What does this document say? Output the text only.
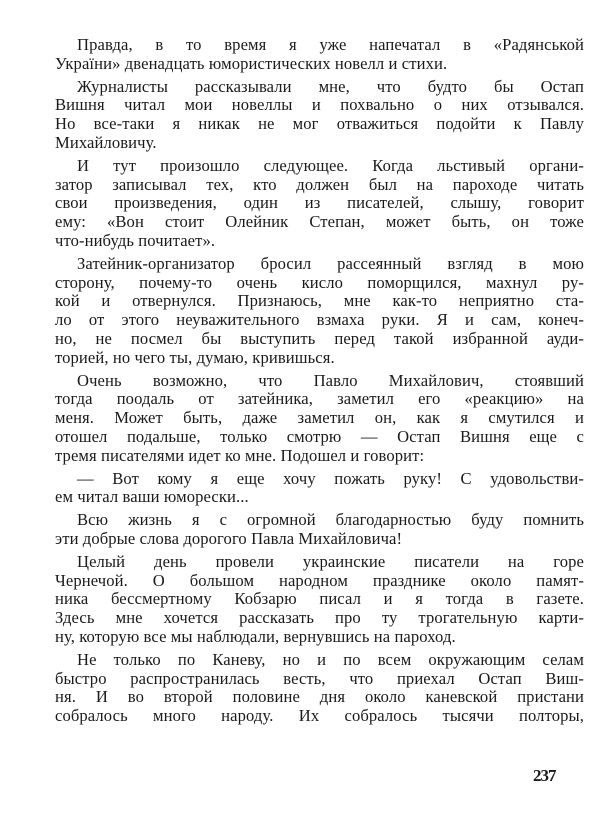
Правда, в то время я уже напечатал в «Радянськой
Украïни» двенадцать юмористических новелл и стихи.
Журналисты рассказывали мне, что будто бы Остап
Вишня читал мои новеллы и похвально о них отзывался.
Но все-таки я никак не мог отважиться подойти к Павлу
Михайловичу.
И тут произошло следующее. Когда льстивый органи-
затор записывал тех, кто должен был на пароходе читать
свои произведения, один из писателей, слышу, говорит
ему: «Вон стоит Олейник Степан, может быть, он тоже
что-нибудь почитает».
Затейник-организатор бросил рассеянный взгляд в мою
сторону, почему-то очень кисло поморщился, махнул ру-
кой и отвернулся. Признаюсь, мне как-то неприятно ста-
ло от этого неуважительного взмаха руки. Я и сам, конеч-
но, не посмел бы выступить перед такой избранной ауди-
торией, но чего ты, думаю, кривишься.
Очень возможно, что Павло Михайлович, стоявший
тогда поодаль от затейника, заметил его «реакцию» на
меня. Может быть, даже заметил он, как я смутился и
отошел подальше, только смотрю — Остап Вишня еще с
тремя писателями идет ко мне. Подошел и говорит:
— Вот кому я еще хочу пожать руку! С удовольстви-
ем читал ваши юморески...
Всю жизнь я с огромной благодарностью буду помнить
эти добрые слова дорогого Павла Михайловича!
Целый день провели украинские писатели на горе
Чернечой. О большом народном празднике около памят-
ника бессмертному Кобзарю писал и я тогда в газете.
Здесь мне хочется рассказать про ту трогательную карти-
ну, которую все мы наблюдали, вернувшись на пароход.
Не только по Каневу, но и по всем окружающим селам
быстро распространилась весть, что приехал Остап Виш-
ня. И во второй половине дня около каневской пристани
собралось много народу. Их собралось тысячи полторы,
237
